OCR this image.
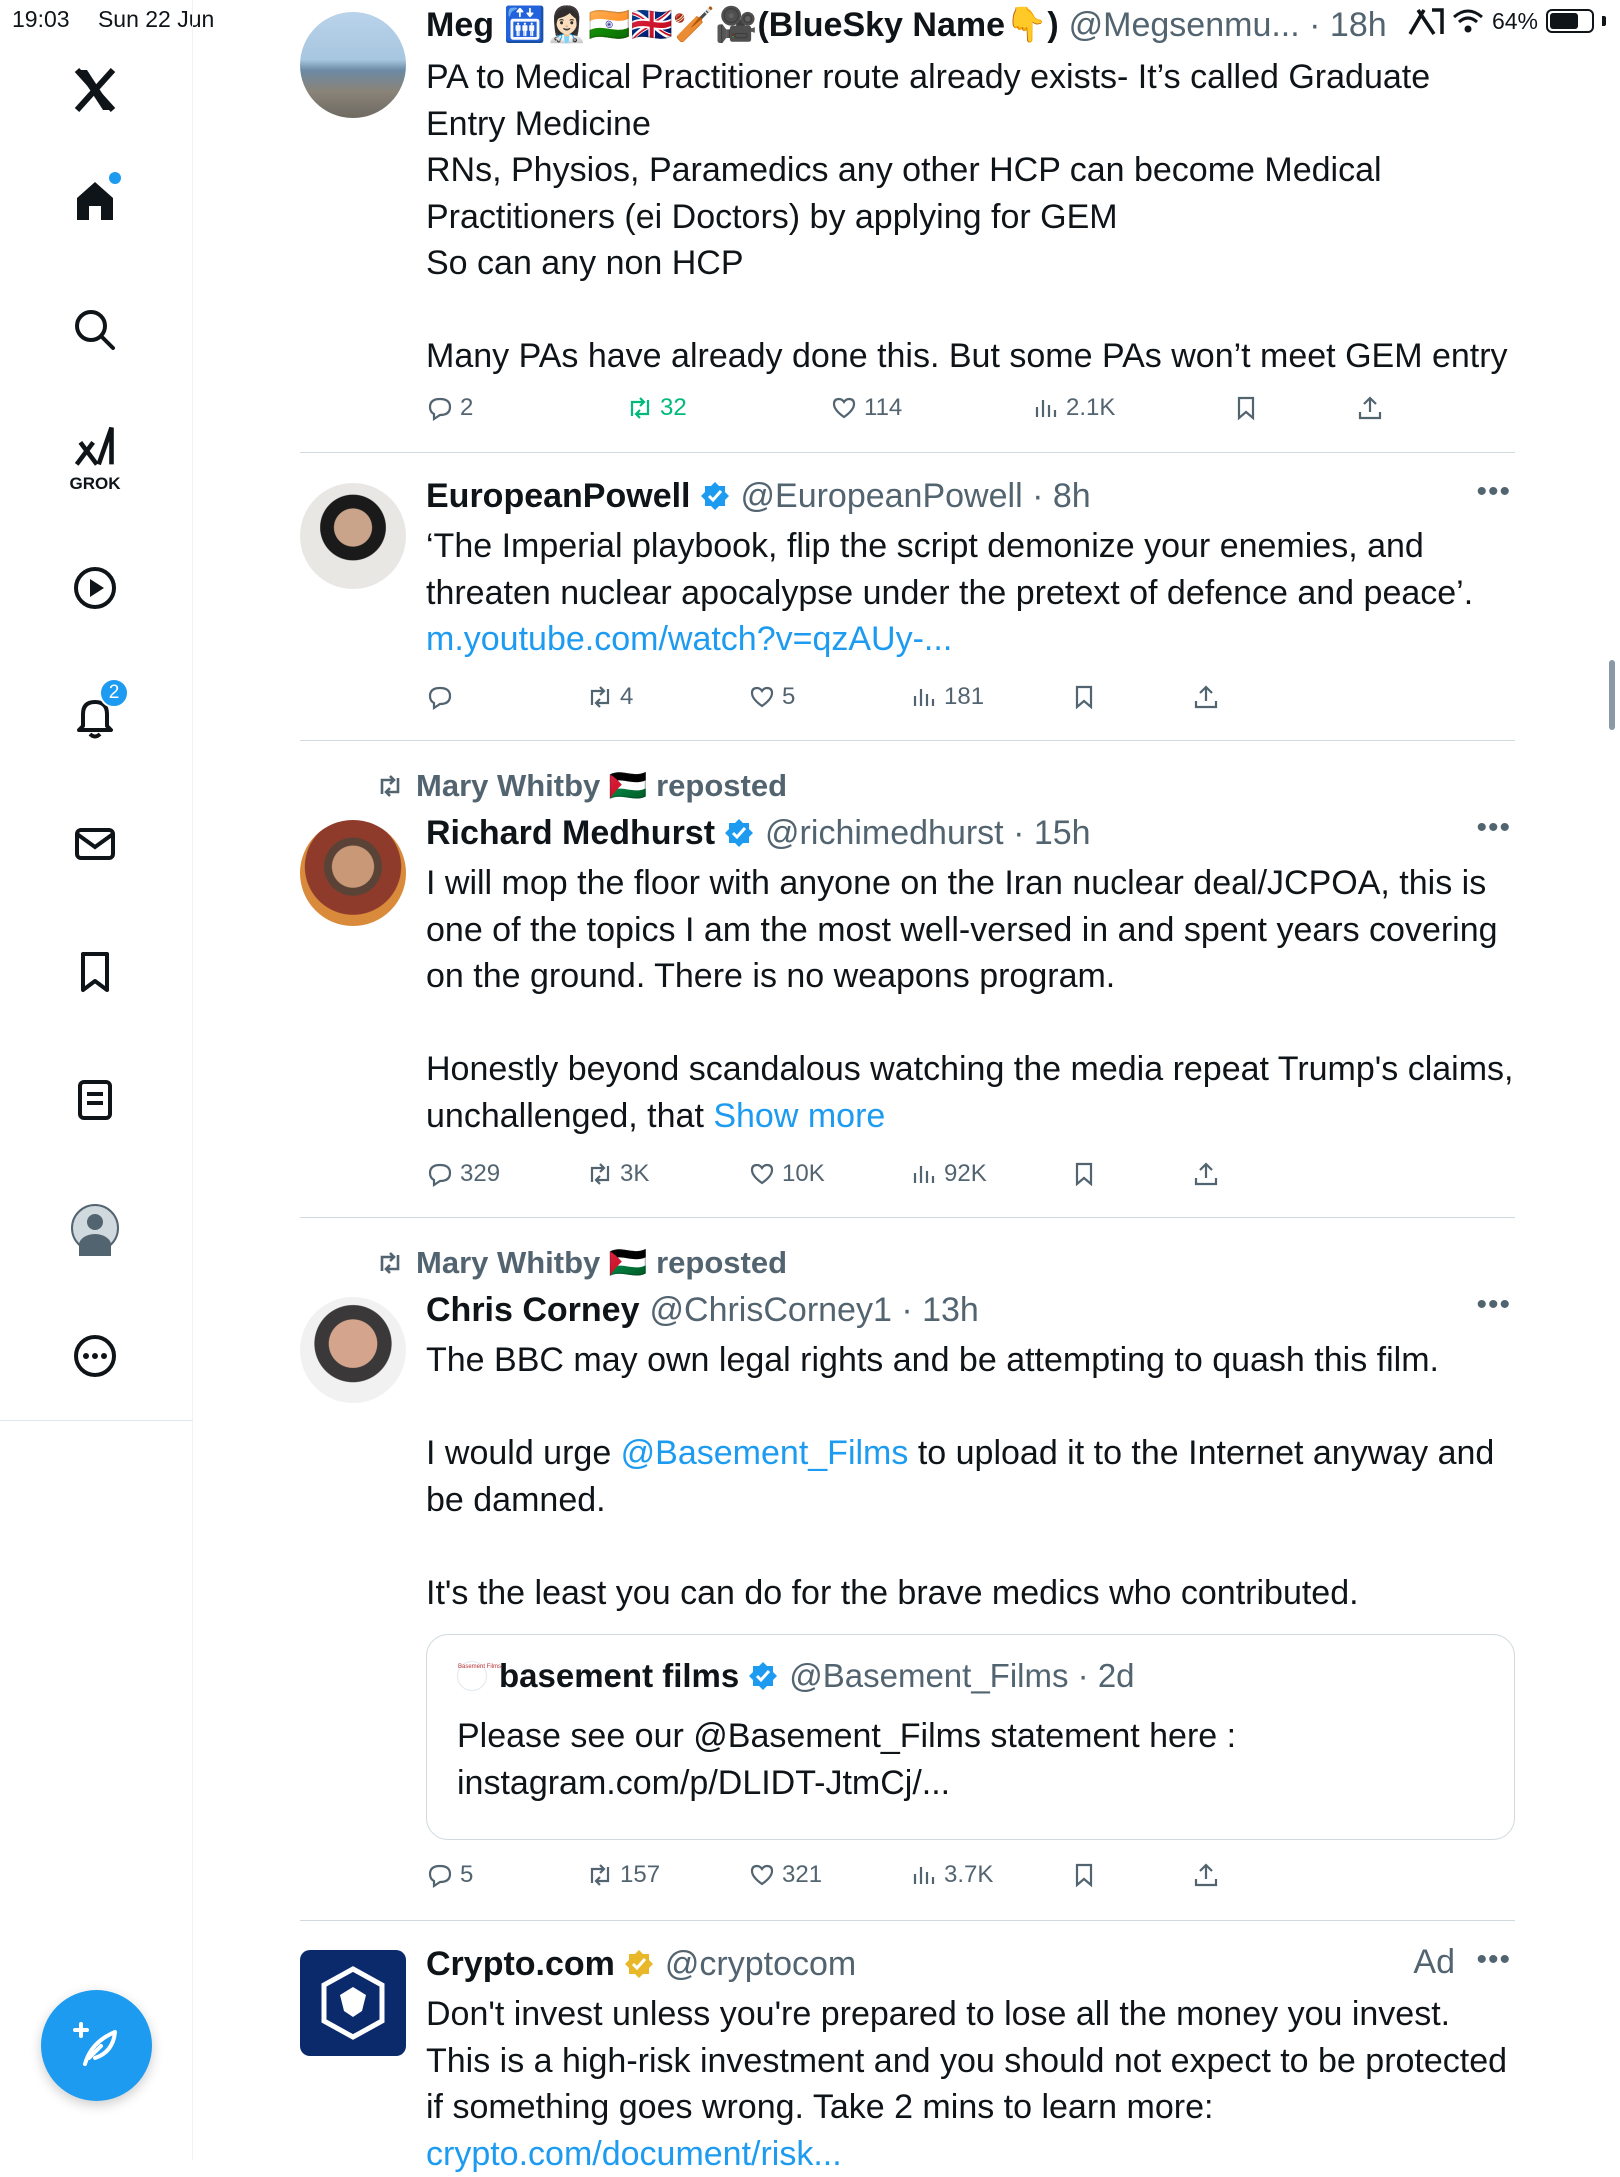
19:03 Sun 22 Jun	64%
GROK
2
Meg 🛗👩🏻‍⚕️🇮🇳🇬🇧🏏🎥(BlueSky Name👇) @Megsenmu... · 18h
PA to Medical Practitioner route already exists- It’s called Graduate Entry Medicine
RNs, Physios, Paramedics any other HCP can become Medical Practitioners (ei Doctors) by applying for GEM
So can any non HCP

Many PAs have already done this. But some PAs won’t meet GEM entry
2	32	114	2.1K
EuropeanPowell @EuropeanPowell · 8h
‘The Imperial playbook, flip the script demonize your enemies, and threaten nuclear apocalypse under the pretext of defence and peace’.
m.youtube.com/watch?v=qzAUy-...
•••
4	5	181
Mary Whitby 🇵🇸 reposted
Richard Medhurst @richimedhurst · 15h
I will mop the floor with anyone on the Iran nuclear deal/JCPOA, this is one of the topics I am the most well-versed in and spent years covering on the ground. There is no weapons program.

Honestly beyond scandalous watching the media repeat Trump's claims, unchallenged, that Show more
•••
329	3K	10K	92K
Mary Whitby 🇵🇸 reposted
Chris Corney @ChrisCorney1 · 13h
The BBC may own legal rights and be attempting to quash this film.

I would urge @Basement_Films to upload it to the Internet anyway and be damned.

It's the least you can do for the brave medics who contributed.
•••
Basement Films
basement films @Basement_Films · 2d
Please see our @Basement_Films statement here : instagram.com/p/DLIDT-JtmCj/...
5	157	321	3.7K
Crypto.com @cryptocom
Don't invest unless you're prepared to lose all the money you invest. This is a high-risk investment and you should not expect to be protected if something goes wrong. Take 2 mins to learn more:
crypto.com/document/risk...
Ad •••
